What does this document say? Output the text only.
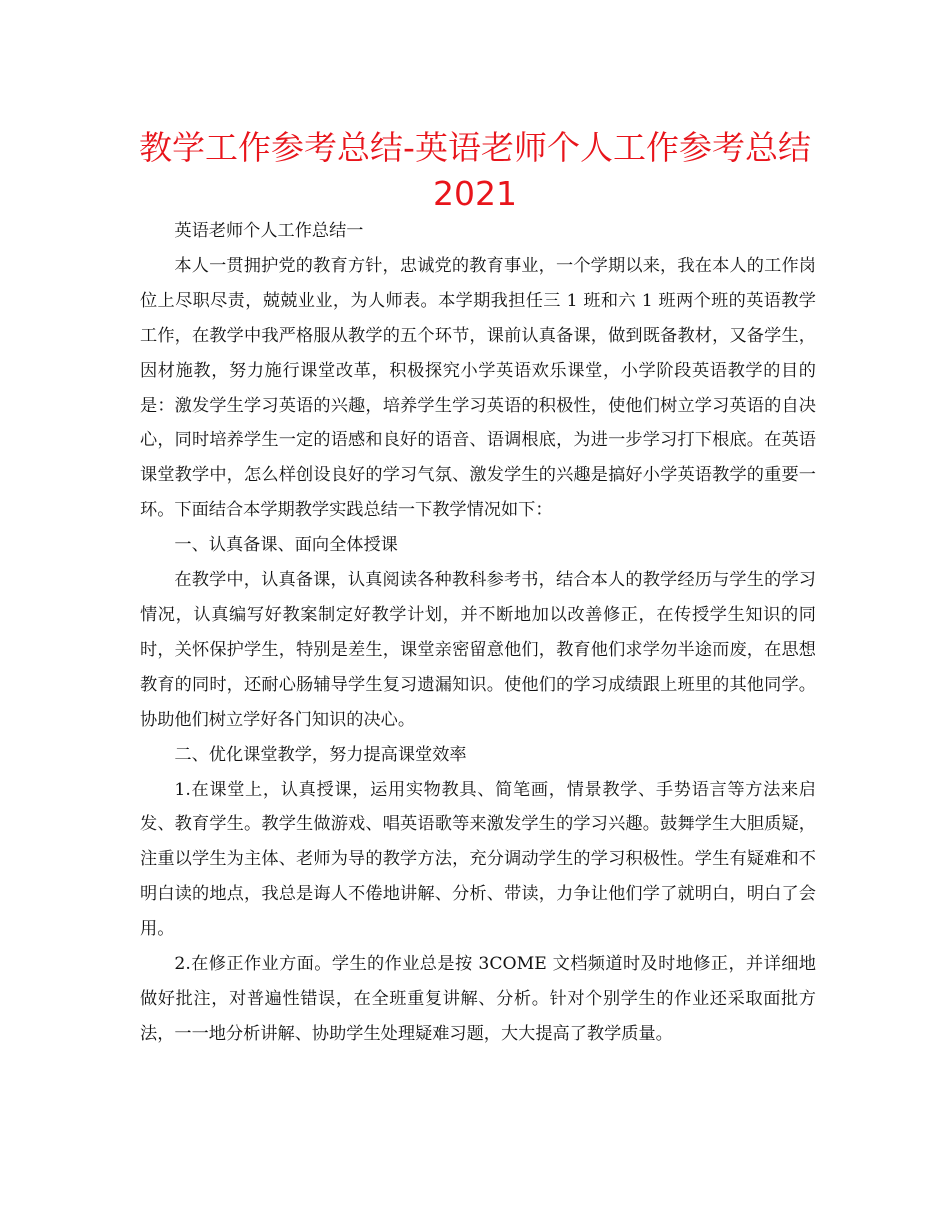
教学工作参考总结-英语老师个人工作参考总结
2021

英语老师个人工作总结一

本人一贯拥护党的教育方针，忠诚党的教育事业，一个学期以来，我在本人的工作岗位上尽职尽责，兢兢业业，为人师表。本学期我担任三 1 班和六 1 班两个班的英语教学工作，在教学中我严格服从教学的五个环节，课前认真备课，做到既备教材，又备学生，因材施教，努力施行课堂改革，积极探究小学英语欢乐课堂，小学阶段英语教学的目的是：激发学生学习英语的兴趣，培养学生学习英语的积极性，使他们树立学习英语的自决心，同时培养学生一定的语感和良好的语音、语调根底，为进一步学习打下根底。在英语课堂教学中，怎么样创设良好的学习气氛、激发学生的兴趣是搞好小学英语教学的重要一环。下面结合本学期教学实践总结一下教学情况如下：

一、认真备课、面向全体授课

在教学中，认真备课，认真阅读各种教科参考书，结合本人的教学经历与学生的学习情况，认真编写好教案制定好教学计划，并不断地加以改善修正，在传授学生知识的同时，关怀保护学生，特别是差生，课堂亲密留意他们，教育他们求学勿半途而废，在思想教育的同时，还耐心肠辅导学生复习遗漏知识。使他们的学习成绩跟上班里的其他同学。协助他们树立学好各门知识的决心。

二、优化课堂教学，努力提高课堂效率

1.在课堂上，认真授课，运用实物教具、简笔画，情景教学、手势语言等方法来启发、教育学生。教学生做游戏、唱英语歌等来激发学生的学习兴趣。鼓舞学生大胆质疑，注重以学生为主体、老师为导的教学方法，充分调动学生的学习积极性。学生有疑难和不明白读的地点，我总是诲人不倦地讲解、分析、带读，力争让他们学了就明白，明白了会用。

2.在修正作业方面。学生的作业总是按 3COME 文档频道时及时地修正，并详细地做好批注，对普遍性错误，在全班重复讲解、分析。针对个别学生的作业还采取面批方法，一一地分析讲解、协助学生处理疑难习题，大大提高了教学质量。
